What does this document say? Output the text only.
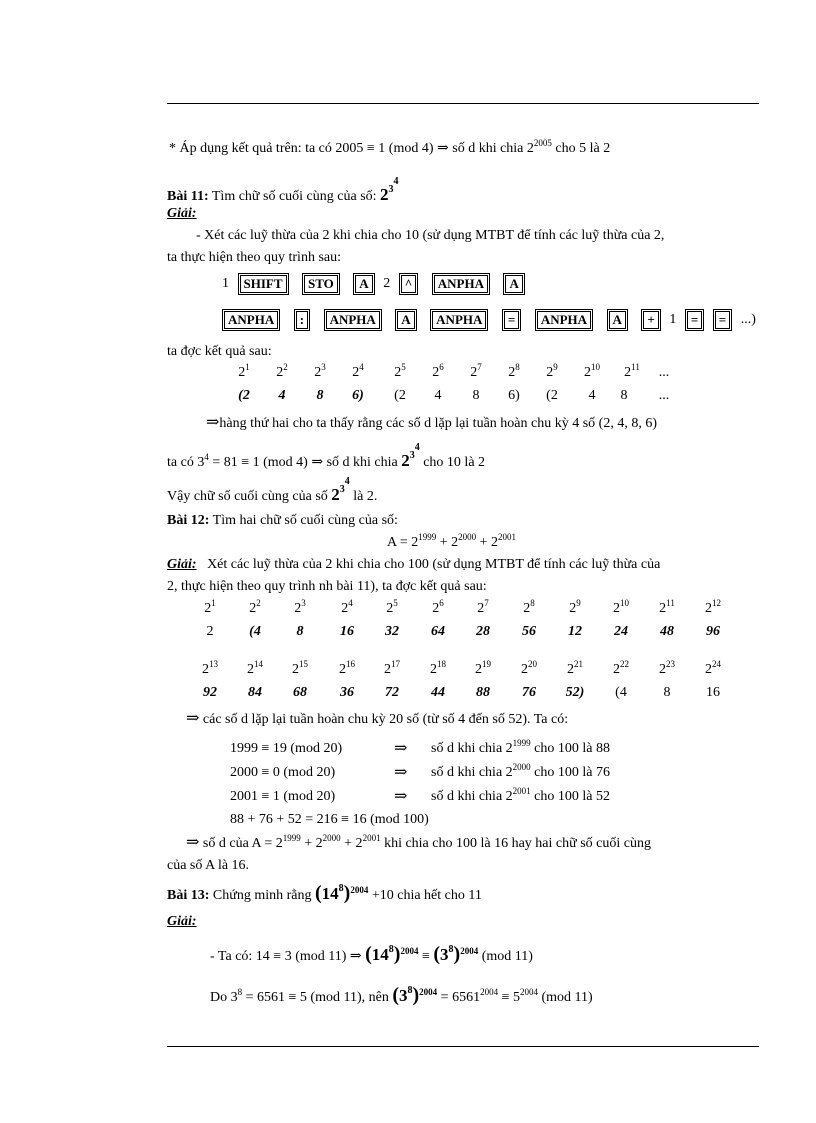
* Áp dụng kết quả trên: ta có 2005 ≡ 1 (mod 4) ⇒ số d khi chia $2^{2005}$ cho 5 là 2
Bài 11: Tìm chữ số cuối cùng của số: $2^{3^4}$
Giải:
- Xét các luỹ thừa của 2 khi chia cho 10 (sử dụng MTBT để tính các luỹ thừa của 2,
ta thực hiện theo quy trình sau:
1	SHIFT
	STO
	A 2	^
	ANPHA
	A
ANPHA
	:
	ANPHA
	A
	ANPHA
	=
	ANPHA
	A
	+ 1	=
	= ...)
ta đợc kết quả sau:
$2^1$	$2^2$	$2^3$	$2^4$	$2^5$	$2^6$	$2^7$	$2^8$	$2^9$	$2^{10}$	$2^{11}$	...
(2	4	8	6)	(2	4	8	6)	(2	4	8	...
⇒hàng thứ hai cho ta thấy rằng các số d lặp lại tuần hoàn chu kỳ 4 số (2, 4, 8, 6)
ta có $3^4 = 81 \equiv 1$ (mod 4) ⇒ số d khi chia $2^{3^4}$ cho 10 là 2
Vậy chữ số cuối cùng của số $2^{3^4}$ là 2.
Bài 12: Tìm hai chữ số cuối cùng của số:
$A = 2^{1999} + 2^{2000} + 2^{2001}$
Giải: Xét các luỹ thừa của 2 khi chia cho 100 (sử dụng MTBT để tính các luỹ thừa của
2, thực hiện theo quy trình nh bài 11), ta đợc kết quả sau:
$2^1$	$2^2$	$2^3$	$2^4$	$2^5$	$2^6$	$2^7$	$2^8$	$2^9$	$2^{10}$	$2^{11}$	$2^{12}$
2	(4	8	16	32	64	28	56	12	24	48	96
$2^{13}$	$2^{14}$	$2^{15}$	$2^{16}$	$2^{17}$	$2^{18}$	$2^{19}$	$2^{20}$	$2^{21}$	$2^{22}$	$2^{23}$	$2^{24}$
92	84	68	36	72	44	88	76	52)	(4	8	16
⇒ các số d lặp lại tuần hoàn chu kỳ 20 số (từ số 4 đến số 52). Ta có:
1999 ≡ 19 (mod 20)	⇒ số d khi chia $2^{1999}$ cho 100 là 88
2000 ≡ 0 (mod 20)	⇒ số d khi chia $2^{2000}$ cho 100 là 76
2001 ≡ 1 (mod 20)	⇒ số d khi chia $2^{2001}$ cho 100 là 52
88 + 76 + 52 = 216 ≡ 16 (mod 100)
⇒ số d của $A = 2^{1999} + 2^{2000} + 2^{2001}$ khi chia cho 100 là 16 hay hai chữ số cuối cùng
của số A là 16.
Bài 13: Chứng minh rằng $(14^8)^{2004} +10$ chia hết cho 11
Giải:
- Ta có: 14 ≡ 3 (mod 11) ⇒ $(14^8)^{2004} \equiv (3^8)^{2004}$ (mod 11)
Do $3^8 = 6561 \equiv 5$ (mod 11), nên $(3^8)^{2004} = 6561^{2004} \equiv 5^{2004}$ (mod 11)
